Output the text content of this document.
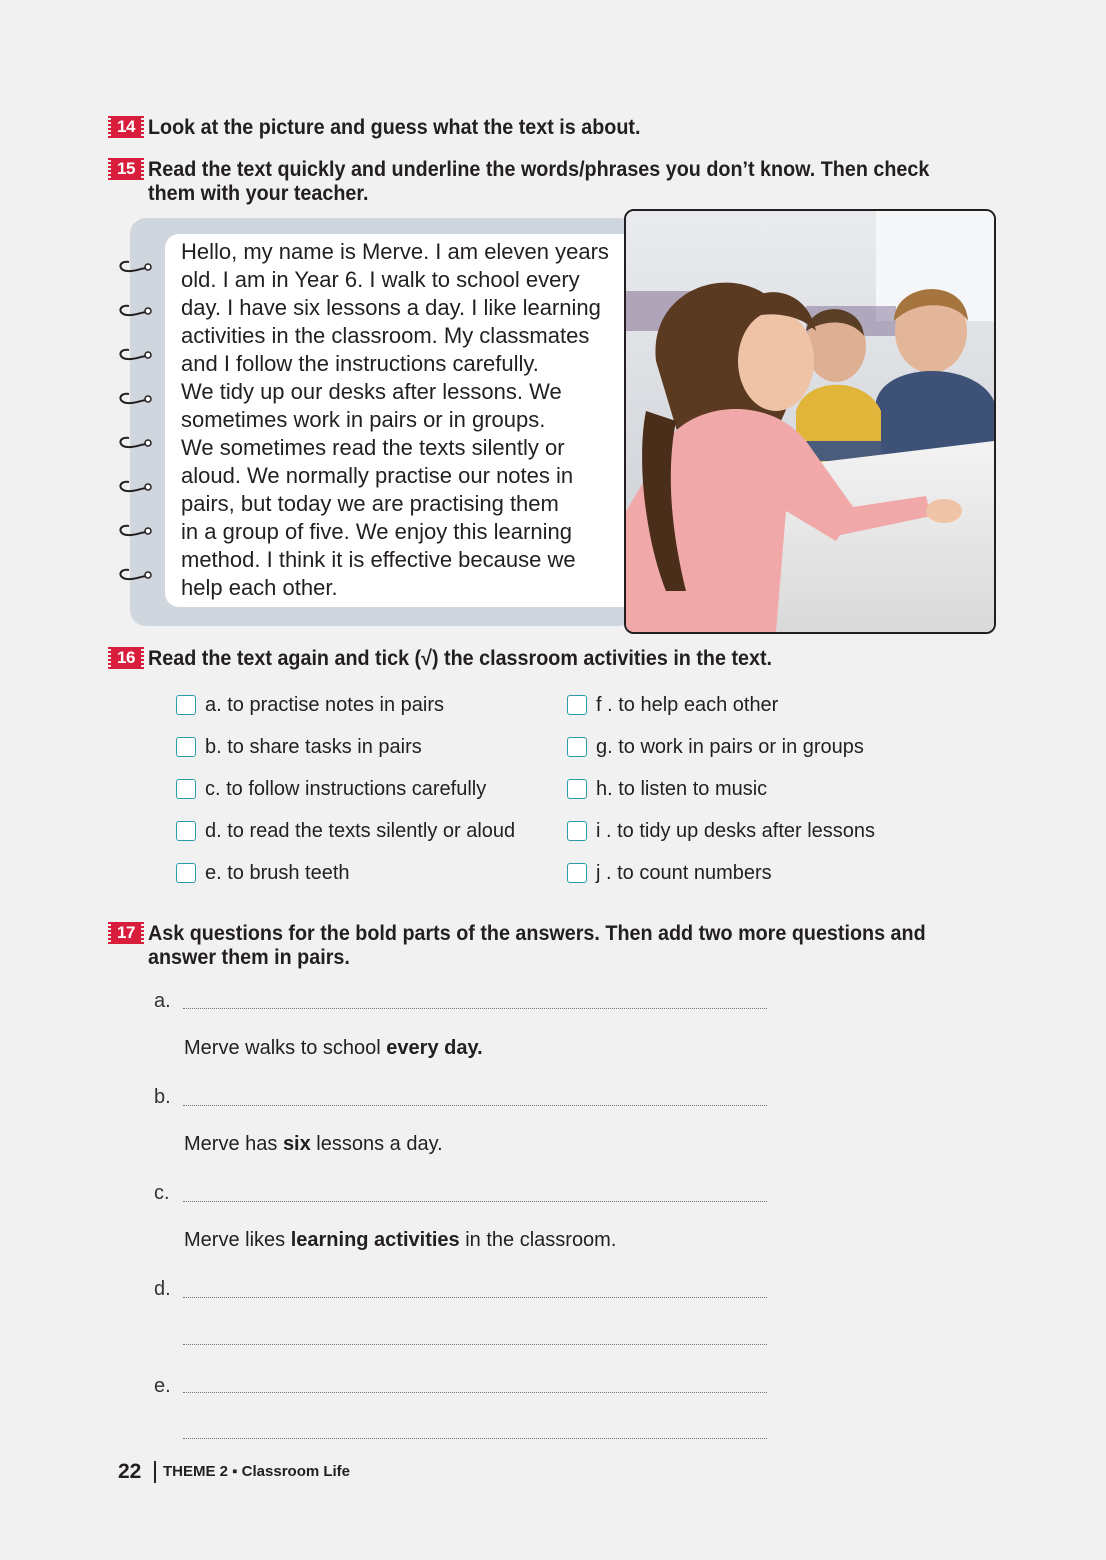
14 Look at the picture and guess what the text is about.
15 Read the text quickly and underline the words/phrases you don’t know. Then check
them with your teacher.
Hello, my name is Merve. I am eleven years
old. I am in Year 6. I walk to school every
day. I have six lessons a day. I like learning
activities in the classroom. My classmates
and I follow the instructions carefully.
We tidy up our desks after lessons. We
sometimes work in pairs or in groups.
We sometimes read the texts silently or
aloud. We normally practise our notes in
pairs, but today we are practising them
in a group of five. We enjoy this learning
method. I think it is effective because we
help each other.
16 Read the text again and tick (√) the classroom activities in the text.
a. to practise notes in pairs
b. to share tasks in pairs
c. to follow instructions carefully
d. to read the texts silently or aloud
e. to brush teeth
f . to help each other
g. to work in pairs or in groups
h. to listen to music
i . to tidy up desks after lessons
j . to count numbers
17 Ask questions for the bold parts of the answers. Then add two more questions and
answer them in pairs.
a.
Merve walks to school every day.
b.
Merve has six lessons a day.
c.
Merve likes learning activities in the classroom.
d.
e.
22 THEME 2 ▪ Classroom Life
